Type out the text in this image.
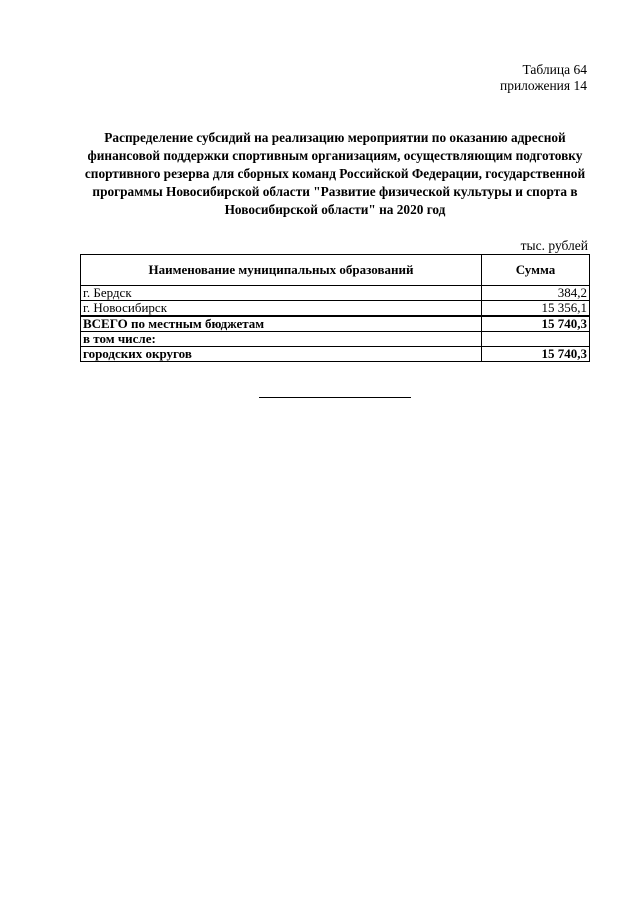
Таблица 64
приложения 14
Распределение субсидий на реализацию мероприятии по оказанию адресной
финансовой поддержки спортивным организациям, осуществляющим подготовку
спортивного резерва для сборных команд Российской Федерации, государственной
программы Новосибирской области "Развитие физической культуры и спорта в
Новосибирской области" на 2020 год
тыс. рублей
Наименование муниципальных образований	Сумма
г. Бердск	384,2
г. Новосибирск	15 356,1
ВСЕГО по местным бюджетам	15 740,3
в том числе:	
городских округов	15 740,3
